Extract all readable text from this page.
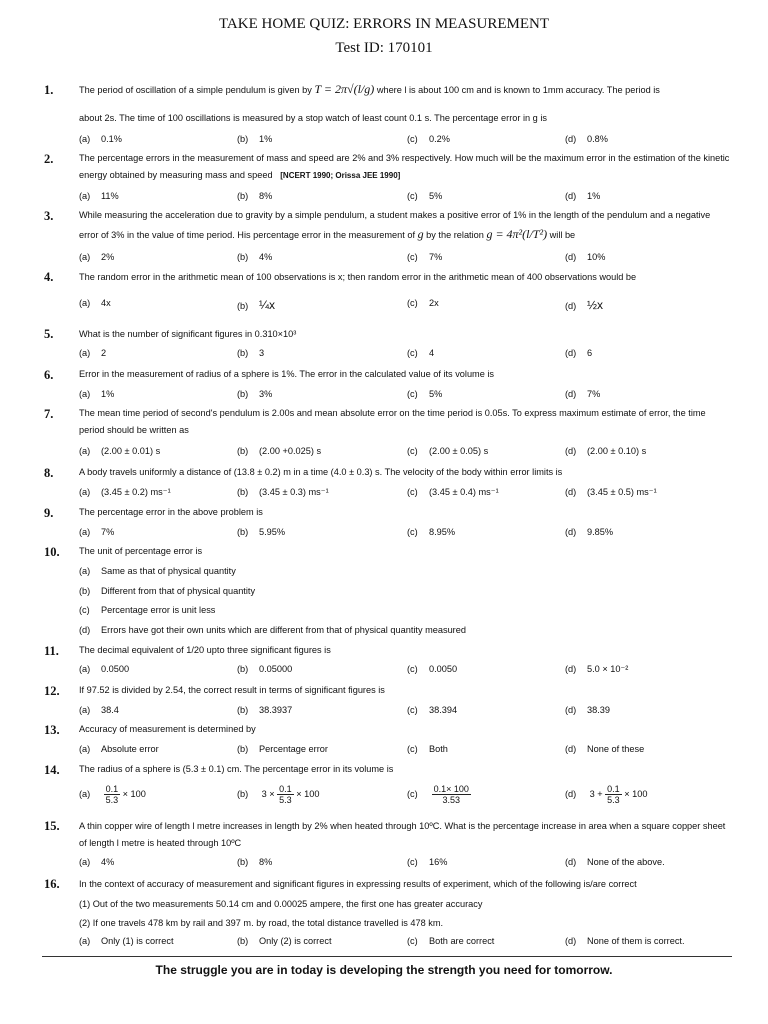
TAKE HOME QUIZ: ERRORS IN MEASUREMENT
Test ID: 170101
1.	The period of oscillation of a simple pendulum is given by T = 2π√(l/g) where l is about 100 cm and is known to 1mm accuracy. The period is
about 2s. The time of 100 oscillations is measured by a stop watch of least count 0.1 s. The percentage error in g is
(a) 0.1%	(b) 1%	(c) 0.2%	(d) 0.8%
2.	The percentage errors in the measurement of mass and speed are 2% and 3% respectively. How much will be the maximum error in the estimation of the kinetic energy obtained by measuring mass and speed [NCERT 1990; Orissa JEE 1990]
(a) 11%	(b) 8%	(c) 5%	(d) 1%
3.	While measuring the acceleration due to gravity by a simple pendulum, a student makes a positive error of 1% in the length of the pendulum and a negative error of 3% in the value of time period. His percentage error in the measurement of g by the relation g = 4π²(l/T²) will be
(a) 2%	(b) 4%	(c) 7%	(d) 10%
4.	The random error in the arithmetic mean of 100 observations is x; then random error in the arithmetic mean of 400 observations would be
(a) 4x	(b) ¼x	(c) 2x	(d) ½x
5.	What is the number of significant figures in 0.310×10³
(a) 2	(b) 3	(c) 4	(d) 6
6.	Error in the measurement of radius of a sphere is 1%. The error in the calculated value of its volume is
(a) 1%	(b) 3%	(c) 5%	(d) 7%
7.	The mean time period of second's pendulum is 2.00s and mean absolute error on the time period is 0.05s. To express maximum estimate of error, the time period should be written as
(a) (2.00 ± 0.01) s	(b) (2.00 +0.025) s	(c) (2.00 ± 0.05) s	(d) (2.00 ± 0.10) s
8.	A body travels uniformly a distance of (13.8 ± 0.2) m in a time (4.0 ± 0.3) s. The velocity of the body within error limits is
(a) (3.45 ± 0.2) ms⁻¹	(b) (3.45 ± 0.3) ms⁻¹	(c) (3.45 ± 0.4) ms⁻¹	(d) (3.45 ± 0.5) ms⁻¹
9.	The percentage error in the above problem is
(a) 7%	(b) 5.95%	(c) 8.95%	(d) 9.85%
10. The unit of percentage error is
(a) Same as that of physical quantity
(b) Different from that of physical quantity
(c) Percentage error is unit less
(d) Errors have got their own units which are different from that of physical quantity measured
11. The decimal equivalent of 1/20 upto three significant figures is
(a) 0.0500	(b) 0.05000	(c) 0.0050	(d) 5.0 × 10⁻²
12. If 97.52 is divided by 2.54, the correct result in terms of significant figures is
(a) 38.4	(b) 38.3937	(c) 38.394	(d) 38.39
13. Accuracy of measurement is determined by
(a) Absolute error	(b) Percentage error	(c) Both	(d) None of these
14. The radius of a sphere is (5.3 ± 0.1) cm. The percentage error in its volume is
$(a) \frac{0.1}{5.3} \times 100$	(b) $3 \times \frac{0.1}{5.3} \times 100$	$(c) \frac{0.1\times 100}{3.53}$	(d) $3 + \frac{0.1}{5.3} \times 100$
15. A thin copper wire of length l metre increases in length by 2% when heated through 10ºC. What is the percentage increase in area when a square copper sheet of length l metre is heated through 10ºC
(a) 4%	(b) 8%	(c) 16%	(d) None of the above.
16. In the context of accuracy of measurement and significant figures in expressing results of experiment, which of the following is/are correct
(1) Out of the two measurements 50.14 cm and 0.00025 ampere, the first one has greater accuracy
(2) If one travels 478 km by rail and 397 m. by road, the total distance travelled is 478 km.
(a) Only (1) is correct	(b) Only (2) is correct	(c) Both are correct	(d) None of them is correct.
The struggle you are in today is developing the strength you need for tomorrow.
